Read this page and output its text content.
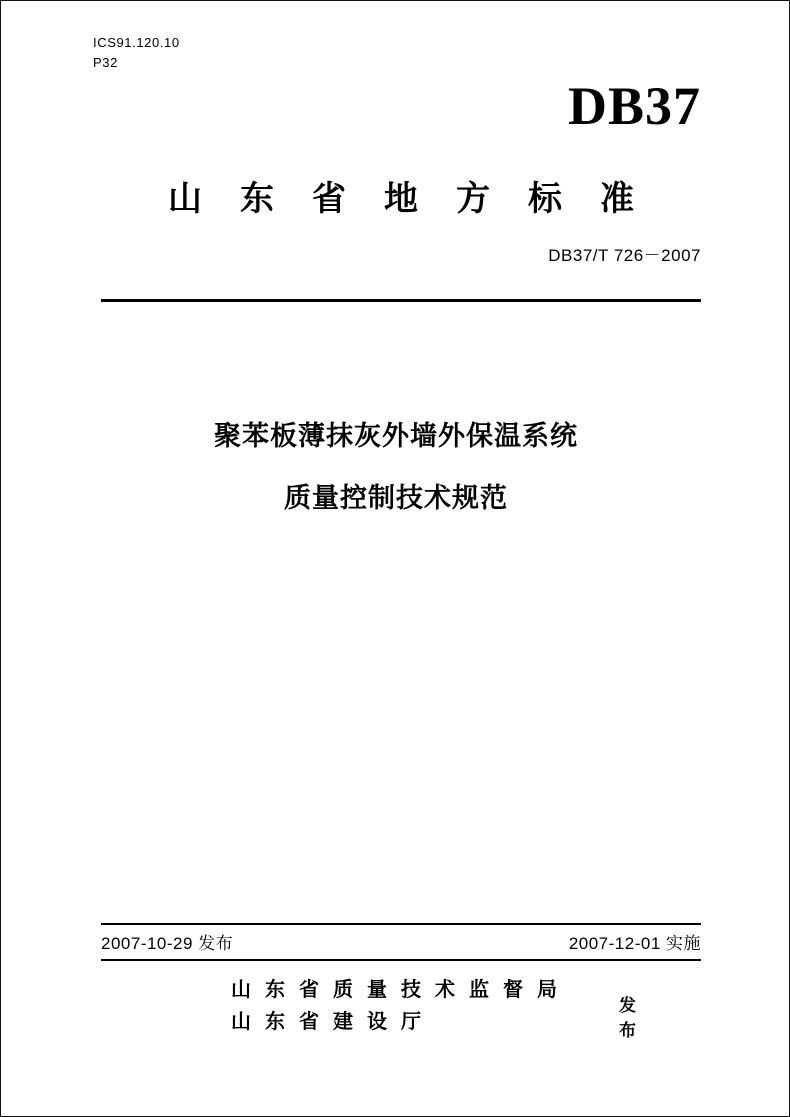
ICS91.120.10
P32
DB37
山东省地方标准
DB37/T 726－2007
聚苯板薄抹灰外墙外保温系统
质量控制技术规范
2007-10-29 发布	2007-12-01 实施
山东省质量技术监督局
山东省建设厅
发布
